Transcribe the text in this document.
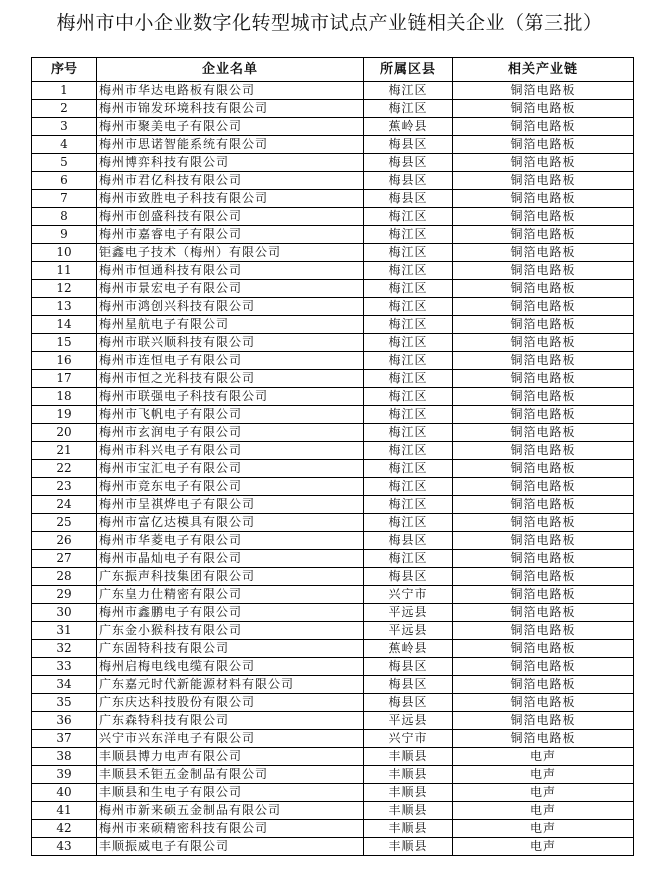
梅州市中小企业数字化转型城市试点产业链相关企业（第三批）
序号	企业名单	所属区县	相关产业链
1	梅州市华达电路板有限公司	梅江区	铜箔电路板
2	梅州市锦发环境科技有限公司	梅江区	铜箔电路板
3	梅州市聚美电子有限公司	蕉岭县	铜箔电路板
4	梅州市思诺智能系统有限公司	梅县区	铜箔电路板
5	梅州博弈科技有限公司	梅县区	铜箔电路板
6	梅州市君亿科技有限公司	梅县区	铜箔电路板
7	梅州市致胜电子科技有限公司	梅县区	铜箔电路板
8	梅州市创盛科技有限公司	梅江区	铜箔电路板
9	梅州市嘉睿电子有限公司	梅江区	铜箔电路板
10	钜鑫电子技术（梅州）有限公司	梅江区	铜箔电路板
11	梅州市恒通科技有限公司	梅江区	铜箔电路板
12	梅州市景宏电子有限公司	梅江区	铜箔电路板
13	梅州市鸿创兴科技有限公司	梅江区	铜箔电路板
14	梅州星航电子有限公司	梅江区	铜箔电路板
15	梅州市联兴顺科技有限公司	梅江区	铜箔电路板
16	梅州市连恒电子有限公司	梅江区	铜箔电路板
17	梅州市恒之光科技有限公司	梅江区	铜箔电路板
18	梅州市联强电子科技有限公司	梅江区	铜箔电路板
19	梅州市飞帆电子有限公司	梅江区	铜箔电路板
20	梅州市玄润电子有限公司	梅江区	铜箔电路板
21	梅州市科兴电子有限公司	梅江区	铜箔电路板
22	梅州市宝汇电子有限公司	梅江区	铜箔电路板
23	梅州市竞东电子有限公司	梅江区	铜箔电路板
24	梅州市呈祺烨电子有限公司	梅江区	铜箔电路板
25	梅州市富亿达模具有限公司	梅江区	铜箔电路板
26	梅州市华菱电子有限公司	梅县区	铜箔电路板
27	梅州市晶灿电子有限公司	梅江区	铜箔电路板
28	广东振声科技集团有限公司	梅县区	铜箔电路板
29	广东皇力仕精密有限公司	兴宁市	铜箔电路板
30	梅州市鑫鹏电子有限公司	平远县	铜箔电路板
31	广东金小猴科技有限公司	平远县	铜箔电路板
32	广东固特科技有限公司	蕉岭县	铜箔电路板
33	梅州启梅电线电缆有限公司	梅县区	铜箔电路板
34	广东嘉元时代新能源材料有限公司	梅县区	铜箔电路板
35	广东庆达科技股份有限公司	梅县区	铜箔电路板
36	广东森特科技有限公司	平远县	铜箔电路板
37	兴宁市兴东洋电子有限公司	兴宁市	铜箔电路板
38	丰顺县博力电声有限公司	丰顺县	电声
39	丰顺县禾钜五金制品有限公司	丰顺县	电声
40	丰顺县和生电子有限公司	丰顺县	电声
41	梅州市新来硕五金制品有限公司	丰顺县	电声
42	梅州市来硕精密科技有限公司	丰顺县	电声
43	丰顺振威电子有限公司	丰顺县	电声
